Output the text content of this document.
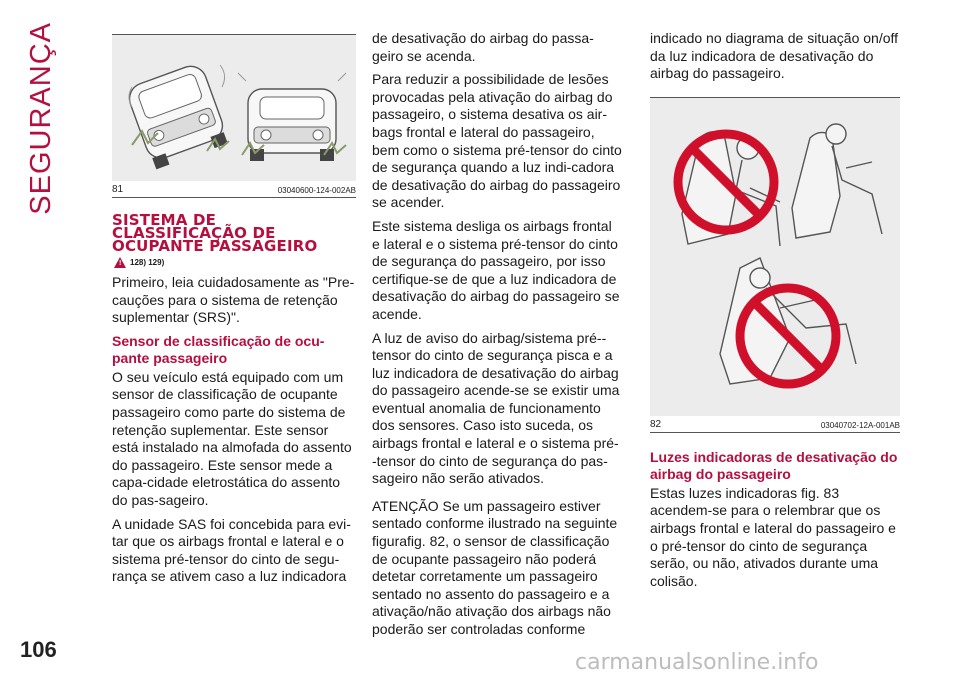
SEGURANÇA	81	03040600-124-002AB
SISTEMA DE CLASSIFICAÇÃO DE OCUPANTE PASSAGEIRO
! 128) 129)

Primeiro, leia cuidadosamente as "Pre-cauções para o sistema de retenção suplementar (SRS)".

Sensor de classificação de ocu-pante passageiro

O seu veículo está equipado com um sensor de classificação de ocupante passageiro como parte do sistema de retenção suplementar. Este sensor está instalado na almofada do assento do passageiro. Este sensor mede a capa-cidade eletrostática do assento do pas-sageiro.

A unidade SAS foi concebida para evi-tar que os airbags frontal e lateral e o sistema pré-tensor do cinto de segu-rança se ativem caso a luz indicadora

de desativação do airbag do passa-geiro se acenda.

Para reduzir a possibilidade de lesões provocadas pela ativação do airbag do passageiro, o sistema desativa os air-bags frontal e lateral do passageiro, bem como o sistema pré-tensor do cinto de segurança quando a luz indi-cadora de desativação do airbag do passageiro se acender.

Este sistema desliga os airbags frontal e lateral e o sistema pré-tensor do cinto de segurança do passageiro, por isso certifique-se de que a luz indicadora de desativação do airbag do passageiro se acende.

A luz de aviso do airbag/sistema pré--tensor do cinto de segurança pisca e a luz indicadora de desativação do airbag do passageiro acende-se se existir uma eventual anomalia de funcionamento dos sensores. Caso isto suceda, os airbags frontal e lateral e o sistema pré--tensor do cinto de segurança do pas-sageiro não serão ativados.

ATENÇÃO Se um passageiro estiver sentado conforme ilustrado na seguinte figurafig. 82, o sensor de classificação de ocupante passageiro não poderá detetar corretamente um passageiro sentado no assento do passageiro e a ativação/não ativação dos airbags não poderão ser controladas conforme

indicado no diagrama de situação on/off da luz indicadora de desativação do airbag do passageiro.

82	03040702-12A-001AB
Luzes indicadoras de desativação do airbag do passageiro

Estas luzes indicadoras fig. 83 acendem-se para o relembrar que os airbags frontal e lateral do passageiro e o pré-tensor do cinto de segurança serão, ou não, ativados durante uma colisão.

106
carmanualsonline.info
